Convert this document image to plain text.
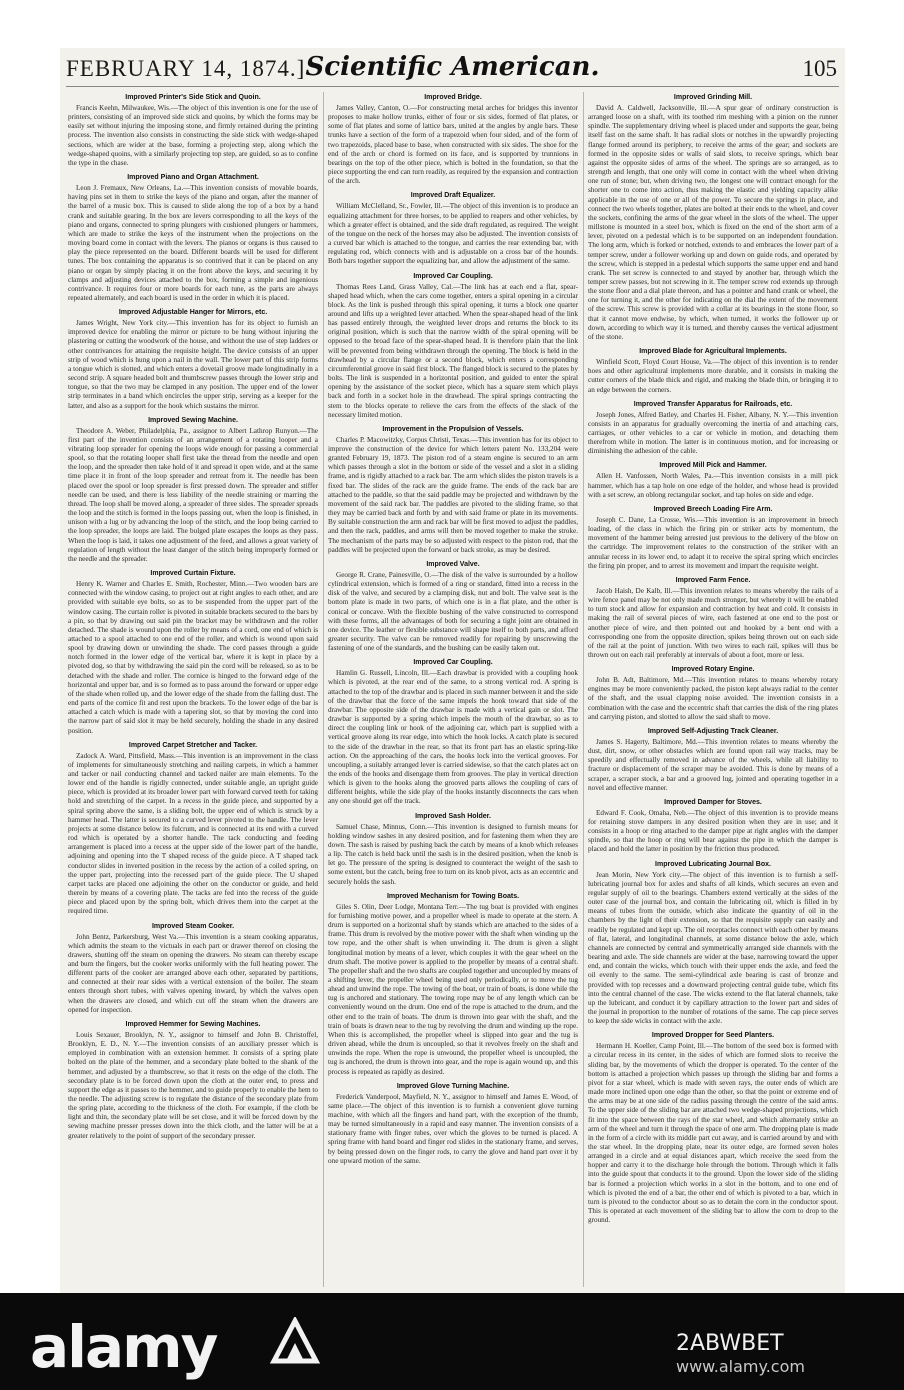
FEBRUARY 14, 1874.] Scientific American.	105
Improved Printer's Side Stick and Quoin.
Francis Keehn, Milwaukee, Wis.—The object of this invention is one for the use of printers, consisting of an improved side stick and quoins, by which the forms may be easily set without injuring the imposing stone, and firmly retained during the printing process. The invention also consists in constructing the side stick with wedge-shaped sections, which are wider at the base, forming a projecting step, along which the wedge-shaped quoins, with a similarly projecting top step, are guided, so as to confine the type in the chase.
Improved Piano and Organ Attachment.
Leon J. Fremaux, New Orleans, La.—This invention consists of movable boards, having pins set in them to strike the keys of the piano and organ, after the manner of the barrel of a music box. This is caused to slide along the top of a box by a hand crank and suitable gearing. In the box are levers corresponding to all the keys of the piano and organs, connected to spring plungers with cushioned plungers or hammers, which are made to strike the keys of the instrument when the projections on the moving board come in contact with the levers. The pianos or organs is thus caused to play the piece represented on the board. Different boards will be used for different tunes. The box containing the apparatus is so contrived that it can be placed on any piano or organ by simply placing it on the front above the keys, and securing it by clamps and adjusting devices attached to the box, forming a simple and ingenious contrivance. It requires four or more boards for each tune, as the parts are always repeated alternately, and each board is used in the order in which it is placed.
Improved Adjustable Hanger for Mirrors, etc.
James Wright, New York city.—This invention has for its object to furnish an improved device for enabling the mirror or picture to be hung without injuring the plastering or cutting the woodwork of the house, and without the use of step ladders or other contrivances for attaining the requisite height. The device consists of an upper strip of wood which is hung upon a nail in the wall. The lower part of this strip forms a tongue which is slotted, and which enters a dovetail groove made longitudinally in a second strip. A square headed bolt and thumbscrew passes through the lower strip and tongue, so that the two may be clamped in any position. The upper end of the lower strip terminates in a band which encircles the upper strip, serving as a keeper for the latter, and also as a support for the hook which sustains the mirror.
Improved Sewing Machine.
Theodore A. Weber, Philadelphia, Pa., assignor to Albert Lathrop Runyon.—The first part of the invention consists of an arrangement of a rotating looper and a vibrating loop spreader for opening the loops wide enough for passing a commercial spool, so that the rotating looper shall first take the thread from the needle and open the loop, and the spreader then take hold of it and spread it open wide, and at the same time place it in front of the loop spreader and retreat from it. The needle has been placed over the spool or loop spreader is first pressed down. The spreader and stiffer needle can be used, and there is less liability of the needle straining or marring the thread. The loop shall be moved along, a spreader of three sides. The spreader spreads the loop and the stitch is formed in the loops passing out, when the loop is finished, in unison with a lug or by advancing the loop of the stitch, and the loop being carried to the loop spreader, the loops are laid. The bulged plate escapes the loops as they pass. When the loop is laid, it takes one adjustment of the feed, and allows a great variety of regulation of length without the least danger of the stitch being improperly formed or the needle and the spreader.
Improved Curtain Fixture.
Henry K. Warner and Charles E. Smith, Rochester, Minn.—Two wooden bars are connected with the window casing, to project out at right angles to each other, and are provided with suitable eye bolts, so as to be suspended from the upper part of the window casing. The curtain roller is pivoted in suitable brackets secured to the bars by a pin, so that by drawing out said pin the bracket may be withdrawn and the roller detached. The shade is wound upon the roller by means of a cord, one end of which is attached to a spool attached to one end of the roller, and which is wound upon said spool by drawing down or unwinding the shade. The cord passes through a guide notch formed in the lower edge of the vertical bar, where it is kept in place by a pivoted dog, so that by withdrawing the said pin the cord will be released, so as to be detached with the shade and roller. The cornice is hinged to the forward edge of the horizontal and upper bar, and is so formed as to pass around the forward or upper edge of the shade when rolled up, and the lower edge of the shade from the falling dust. The end parts of the cornice fit and rest upon the brackets. To the lower edge of the bar is attached a catch which is made with a tapering slot, so that by moving the cord into the narrow part of said slot it may be held securely, holding the shade in any desired position.
Improved Carpet Stretcher and Tacker.
Zadock A. Ward, Pittsfield, Mass.—This invention is an improvement in the class of implements for simultaneously stretching and nailing carpets, in which a hammer and tacker or nail conducting channel and tacked nailer are main elements. To the lower end of the handle is rigidly connected, under suitable angle, an upright guide piece, which is provided at its broader lower part with forward curved teeth for taking hold and stretching of the carpet. In a recess in the guide piece, and supported by a spiral spring above the same, is a sliding bolt, the upper end of which is struck by a hammer head. The latter is secured to a curved lever pivoted to the handle. The lever projects at some distance below its fulcrum, and is connected at its end with a curved rod which is operated by a shorter handle. The tack conducting and feeding arrangement is placed into a recess at the upper side of the lower part of the handle, adjoining and opening into the T shaped recess of the guide piece. A T shaped tack conductor slides in inverted position in the recess by the action of a coiled spring, on the upper part, projecting into the recessed part of the guide piece. The U shaped carpet tacks are placed one adjoining the other on the conductor or guide, and held therein by means of a covering plate. The tacks are fed into the recess of the guide piece and placed upon by the spring bolt, which drives them into the carpet at the required time.
Improved Steam Cooker.
John Bentz, Parkersburg, West Va.—This invention is a steam cooking apparatus, which admits the steam to the victuals in each part or drawer thereof on closing the drawers, shutting off the steam on opening the drawers. No steam can thereby escape and burn the fingers, but the cooker works uniformly with the full heating power. The different parts of the cooker are arranged above each other, separated by partitions, and connected at their rear sides with a vertical extension of the boiler. The steam enters through short tubes, with valves opening inward, by which the valves open when the drawers are closed, and which cut off the steam when the drawers are opened for inspection.
Improved Hemmer for Sewing Machines.
Louis Sexauer, Brooklyn, N. Y., assignor to himself and John B. Christoffel, Brooklyn, E. D., N. Y.—The invention consists of an auxiliary presser which is employed in combination with an extension hemmer. It consists of a spring plate bolted on the plate of the hemmer, and a secondary plate bolted to the shank of the hemmer, and adjusted by a thumbscrew, so that it rests on the edge of the cloth. The secondary plate is to be forced down upon the cloth at the outer end, to press and support the edge as it passes to the hemmer, and to guide properly to enable the hem to the needle. The adjusting screw is to regulate the distance of the secondary plate from the spring plate, according to the thickness of the cloth. For example, if the cloth be light and thin, the secondary plate will be set close, and it will be forced down by the sewing machine presser presses down into the thick cloth, and the latter will be at a greater relatively to the point of support of the secondary presser.
Improved Bridge.
James Valley, Canton, O.—For constructing metal arches for bridges this inventor proposes to make hollow trunks, either of four or six sides, formed of flat plates, or some of flat plates and some of lattice bars, united at the angles by angle bars. These trunks have a section of the form of a trapezoid when four sided, and of the form of two trapezoids, placed base to base, when constructed with six sides. The shoe for the end of the arch or chord is formed on its face, and is supported by trunnions in bearings on the top of the other piece, which is bolted in the foundation, so that the piece supporting the end can turn readily, as required by the expansion and contraction of the arch.
Improved Draft Equalizer.
William McClelland, Sr., Fowler, Ill.—The object of this invention is to produce an equalizing attachment for three horses, to be applied to reapers and other vehicles, by which a greater effect is obtained, and the side draft regulated, as required. The weight of the tongue on the neck of the horses may also be adjusted. The invention consists of a curved bar which is attached to the tongue, and carries the rear extending bar, with regulating rod, which connects with and is adjustable on a cross bar of the hounds. Both bars together support the equalizing bar, and allow the adjustment of the same.
Improved Car Coupling.
Thomas Rees Land, Grass Valley, Cal.—The link has at each end a flat, spear-shaped head which, when the cars come together, enters a spiral opening in a circular block. As the link is pushed through this spiral opening, it turns a block one quarter around and lifts up a weighted lever attached. When the spear-shaped head of the link has passed entirely through, the weighted lever drops and returns the block to its original position, which is such that the narrow width of the spiral opening will be opposed to the broad face of the spear-shaped head. It is therefore plain that the link will be prevented from being withdrawn through the opening. The block is held in the drawhead by a circular flange or a second block, which enters a corresponding circumferential groove in said first block. The flanged block is secured to the plates by bolts. The link is suspended in a horizontal position, and guided to enter the spiral opening by the assistance of the socket piece, which has a square stem which plays back and forth in a socket hole in the drawhead. The spiral springs contracting the stem to the blocks operate to relieve the cars from the effects of the slack of the necessary limited motion.
Improvement in the Propulsion of Vessels.
Charles P. Macowitzky, Corpus Christi, Texas.—This invention has for its object to improve the construction of the device for which letters patent No. 133,204 were granted February 19, 1873. The piston rod of a steam engine is secured to an arm which passes through a slot in the bottom or side of the vessel and a slot in a sliding frame, and is rigidly attached to a rack bar. The arm which slides the piston travels is a fixed bar. The slides of the rack are the guide frame. The ends of the rack bar are attached to the paddle, so that the said paddle may be projected and withdrawn by the movement of the said rack bar. The paddles are pivoted to the sliding frame, so that they may be carried back and forth by and with said frame or plate in its movements. By suitable construction the arm and rack bar will be first moved to adjust the paddles, and then the rack, paddles, and arms will then be moved together to make the stroke. The mechanism of the parts may be so adjusted with respect to the piston rod, that the paddles will be projected upon the forward or back stroke, as may be desired.
Improved Valve.
George R. Crane, Painesville, O.—The disk of the valve is surrounded by a hollow cylindrical extension, which is formed of a ring or standard, fitted into a recess in the disk of the valve, and secured by a clamping disk, nut and bolt. The valve seat is the bottom plate is made in two parts, of which one is in a flat plate, and the other is conical or concave. With the flexible bushing of the valve constructed to correspond with these forms, all the advantages of both for securing a tight joint are obtained in one device. The leather or flexible substance will shape itself to both parts, and afford greater security. The valve can be removed readily for repairing by unscrewing the fastening of one of the standards, and the bushing can be easily taken out.
Improved Car Coupling.
Hamlin G. Russell, Lincoln, Ill.—Each drawbar is provided with a coupling hook which is pivoted, at the rear end of the same, to a strong vertical rod. A spring is attached to the top of the drawbar and is placed in such manner between it and the side of the drawbar that the force of the same impels the hook toward that side of the drawbar. The opposite side of the drawbar is made with a vertical gain or slot. The drawbar is supported by a spring which impels the mouth of the drawbar, so as to direct the coupling link or hook of the adjoining car, which part is supplied with a vertical groove along its rear edge, into which the hook locks. A catch plate is secured to the side of the drawbar in the rear, so that its front part has an elastic spring-like action. On the approaching of the cars, the hooks lock into the vertical grooves. For uncoupling, a suitably arranged lever is carried sidewise, so that the catch plates act on the ends of the hooks and disengage them from grooves. The play in vertical direction which is given to the hooks along the grooved parts allows the coupling of cars of different heights, while the side play of the hooks instantly disconnects the cars when any one should get off the track.
Improved Sash Holder.
Samuel Chase, Minnus, Conn.—This invention is designed to furnish means for holding window sashes in any desired position, and for fastening them when they are down. The sash is raised by pushing back the catch by means of a knob which releases a lip. The catch is held back until the sash is in the desired position, when the knob is let go. The pressure of the spring is designed to counteract the weight of the sash to some extent, but the catch, being free to turn on its knob pivot, acts as an eccentric and securely holds the sash.
Improved Mechanism for Towing Boats.
Giles S. Olin, Deer Lodge, Montana Terr.—The tug boat is provided with engines for furnishing motive power, and a propeller wheel is made to operate at the stern. A drum is supported on a horizontal shaft by stands which are attached to the sides of a frame. This drum is revolved by the motive power with the shaft when winding up the tow rope, and the other shaft is when unwinding it. The drum is given a slight longitudinal motion by means of a lever, which couples it with the gear wheel on the drum shaft. The motive power is applied to the propeller by means of a central shaft. The propeller shaft and the two shafts are coupled together and uncoupled by means of a shifting lever, the propeller wheel being used only periodically, or to move the tug ahead and unwind the rope. The towing of the boat, or train of boats, is done while the tug is anchored and stationary. The towing rope may be of any length which can be conveniently wound on the drum. One end of the rope is attached to the drum, and the other end to the train of boats. The drum is thrown into gear with the shaft, and the train of boats is drawn near to the tug by revolving the drum and winding up the rope. When this is accomplished, the propeller wheel is slipped into gear and the tug is driven ahead, while the drum is uncoupled, so that it revolves freely on the shaft and unwinds the rope. When the rope is unwound, the propeller wheel is uncoupled, the tug is anchored, the drum is thrown into gear, and the rope is again wound up, and this process is repeated as rapidly as desired.
Improved Glove Turning Machine.
Frederick Vanderpool, Mayfield, N. Y., assignor to himself and James E. Wood, of same place.—The object of this invention is to furnish a convenient glove turning machine, with which all the fingers and hand part, with the exception of the thumb, may be turned simultaneously in a rapid and easy manner. The invention consists of a stationary frame with finger tubes, over which the gloves to be turned is placed. A spring frame with hand board and finger rod slides in the stationary frame, and serves, by being pressed down on the finger rods, to carry the glove and hand part over it by one upward motion of the same.
Improved Grinding Mill.
David A. Caldwell, Jacksonville, Ill.—A spur gear of ordinary construction is arranged loose on a shaft, with its toothed rim meshing with a pinion on the runner spindle. The supplementary driving wheel is placed under and supports the gear, being itself fast on the same shaft. It has radial slots or notches in the upwardly projecting flange formed around its periphery, to receive the arms of the gear; and sockets are formed in the opposite sides or walls of said slots, to receive springs, which bear against the opposite sides of arms of the wheel. The springs are so arranged, as to strength and length, that one only will come in contact with the wheel when driving one run of stone; but, when driving two, the longest one will contract enough for the shorter one to come into action, thus making the elastic and yielding capacity alike applicable in the use of one or all of the power. To secure the springs in place, and connect the two wheels together, plates are bolted at their ends to the wheel, and cover the sockets, confining the arms of the gear wheel in the slots of the wheel. The upper millstone is mounted in a steel box, which is fixed on the end of the short arm of a lever, pivoted on a pedestal which is to be supported on an independent foundation. The long arm, which is forked or notched, extends to and embraces the lower part of a temper screw, under a follower working up and down on guide rods, and operated by the screw, which is stepped in a pedestal which supports the same upper end and hand crank. The set screw is connected to and stayed by another bar, through which the temper screw passes, but not screwing in it. The temper screw rod extends up through the stone floor and a dial plate thereon, and has a pointer and hand crank or wheel, the one for turning it, and the other for indicating on the dial the extent of the movement of the screw. This screw is provided with a collar at its bearings in the stone floor, so that it cannot move endwise, by which, when turned, it works the follower up or down, according to which way it is turned, and thereby causes the vertical adjustment of the stone.
Improved Blade for Agricultural Implements.
Winfield Scott, Floyd Court House, Va.—The object of this invention is to render hoes and other agricultural implements more durable, and it consists in making the cutter corners of the blade thick and rigid, and making the blade thin, or bringing it to an edge between the corners.
Improved Transfer Apparatus for Railroads, etc.
Joseph Jones, Alfred Batley, and Charles H. Fisher, Albany, N. Y.—This invention consists in an apparatus for gradually overcoming the inertia of and attaching cars, carriages, or other vehicles to a car or vehicle in motion, and detaching them therefrom while in motion. The latter is in continuous motion, and for increasing or diminishing the adhesion of the cable.
Improved Mill Pick and Hammer.
Allen H. Vanfossen, North Wales, Pa.—This invention consists in a mill pick hammer, which has a tap hole on one edge of the holder, and whose head is provided with a set screw, an oblong rectangular socket, and tap holes on side and edge.
Improved Breech Loading Fire Arm.
Joseph C. Dane, La Crosse, Wis.—This invention is an improvement in breech loading, of the class in which the firing pin or striker acts by momentum, the movement of the hammer being arrested just previous to the delivery of the blow on the cartridge. The improvement relates to the construction of the striker with an annular recess in its lower end, to adapt it to receive the spiral spring which encircles the firing pin proper, and to arrest its movement and impart the requisite weight.
Improved Farm Fence.
Jacob Haish, De Kalb, Ill.—This invention relates to means whereby the rails of a wire fence panel may be not only made much stronger, but whereby it will be enabled to turn stock and allow for expansion and contraction by heat and cold. It consists in making the rail of several pieces of wire, each fastened at one end to the post or another piece of wire, and then pointed out and hooked by a bent end with a corresponding one from the opposite direction, spikes being thrown out on each side of the rail at the point of junction. With two wires to each rail, spikes will thus be thrown out on each rail preferably at intervals of about a foot, more or less.
Improved Rotary Engine.
John B. Adt, Baltimore, Md.—This invention relates to means whereby rotary engines may be more conveniently packed, the piston kept always radial to the center of the shaft, and the usual clapping noise avoided. The invention consists in a combination with the case and the eccentric shaft that carries the disk of the ring plates and carrying piston, and slotted to allow the said shaft to move.
Improved Self-Adjusting Track Cleaner.
James S. Hagerty, Baltimore, Md.—This invention relates to means whereby the dust, dirt, snow, or other obstacles which are found upon rail way tracks, may be speedily and effectually removed in advance of the wheels, while all liability to fracture or displacement of the scraper may be avoided. This is done by means of a scraper, a scraper stock, a bar and a grooved lug, jointed and operating together in a novel and effective manner.
Improved Damper for Stoves.
Edward F. Cook, Omaha, Neb.—The object of this invention is to provide means for retaining stove dampers in any desired position when they are in use; and it consists in a hoop or ring attached to the damper pipe at right angles with the damper spindle, so that the hoop or ring will bear against the pipe in which the damper is placed and hold the latter in position by the friction thus produced.
Improved Lubricating Journal Box.
Jean Morin, New York city.—The object of this invention is to furnish a self-lubricating journal box for axles and shafts of all kinds, which secures an even and regular supply of oil to the bearings. Chambers extend vertically at the sides of the outer case of the journal box, and contain the lubricating oil, which is filled in by means of tubes from the outside, which also indicate the quantity of oil in the chambers by the light of their extension, so that the requisite supply can easily and readily be regulated and kept up. The oil receptacles connect with each other by means of flat, lateral, and longitudinal channels, at some distance below the axle, which channels are connected by central and symmetrically arranged side channels with the bearing and axle. The side channels are wider at the base, narrowing toward the upper end, and contain the wicks, which touch with their upper ends the axle, and feed the oil evenly to the same. The semi-cylindrical axle bearing is cast of bronze and provided with top recesses and a downward projecting central guide tube, which fits into the central channel of the case. The wicks extend to the flat lateral channels, take up the lubricant, and conduct it by capillary attraction to the lower part and sides of the journal in proportion to the number of rotations of the same. The cap piece serves to keep the side wicks in contact with the axle.
Improved Dropper for Seed Planters.
Hermann H. Koeller, Camp Point, Ill.—The bottom of the seed box is formed with a circular recess in its center, in the sides of which are formed slots to receive the sliding bar, by the movements of which the dropper is operated. To the center of the bottom is attached a projection which passes up through the sliding bar and forms a pivot for a star wheel, which is made with seven rays, the outer ends of which are made more inclined upon one edge than the other, so that the point or extreme end of the arms may be at one side of the radius passing through the centre of the said arms. To the upper side of the sliding bar are attached two wedge-shaped projections, which fit into the space between the rays of the star wheel, and which alternately strike an arm of the wheel and turn it through the space of one arm. The dropping plate is made in the form of a circle with its middle part cut away, and is carried around by and with the star wheel. In the dropping plate, near its outer edge, are formed seven holes arranged in a circle and at equal distances apart, which receive the seed from the hopper and carry it to the discharge hole through the bottom. Through which it falls into the guide spout that conducts it to the ground. Upon the lower side of the sliding bar is formed a projection which works in a slot in the bottom, and to one end of which is pivoted the end of a bar, the other end of which is pivoted to a bar, which in turn is pivoted to the conductor about so as to detain the corn in the conductor spout. This is operated at each movement of the sliding bar to allow the corn to drop to the ground.
alamy	2ABWBET
www.alamy.com
